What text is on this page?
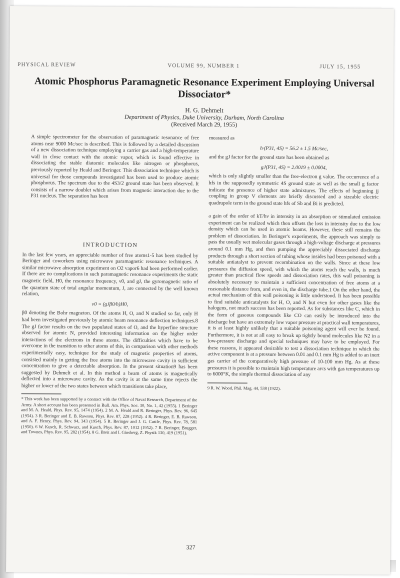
PHYSICAL REVIEW	VOLUME 99, NUMBER 1	JULY 15, 1955
Atomic Phosphorus Paramagnetic Resonance Experiment Employing Universal Dissociator*
H. G. Dehmelt
Department of Physics, Duke University, Durham, North Carolina
(Received March 29, 1955)

A simple spectrometer for the observation of paramagnetic resonance of free atoms near 9000 Mc/sec is described. This is followed by a detailed discussion of a new dissociation technique employing a carrier gas and a high-temperature wall in close contact with the atomic vapor, which is found effective in dissociating the stable diatomic molecules like nitrogen or phosphorus, previously reported by Heald and Beringer. This dissociation technique which is universal for those compounds investigated has been used to produce atomic phosphorus. The spectrum due to the 4S3/2 ground state has been observed. It consists of a narrow doublet which arises from magnetic interaction due to the P31 nucleus. The separation has been

measured as

h·(P31, 4S) = 56.2 ± 1.5 Mc/sec,

and the gJ factor for the ground state has been obtained as

gJ(P31, 4S) = 2.0019 ± 0.0004,

which is only slightly smaller than the free-electron g value. The occurrence of a hfs in the supposedly symmetric 4S ground state as well as the small g factor indicate the presence of higher state admixtures. The effects of beginning jj coupling in group V elements are briefly discussed and a sizeable electric quadrupole term in the ground state hfs of Sb and Bi is predicted.

INTRODUCTION

In the last few years, an appreciable number of free atoms1-5 has been studied by Beringer and coworkers using microwave paramagnetic resonance techniques. A similar microwave absorption experiment on O2 vapor6 had been performed earlier. If there are no complications in such paramagnetic resonance experiments the static magnetic field, H0, the resonance frequency, ν0, and gJ, the gyromagnetic ratio of the quantum state of total angular momentum, J, are connected by the well known relation,

ν0 = (gJβ0/h)H0,

β0 denoting the Bohr magneton. Of the atoms H, O, and N studied so far, only H had been investigated previously by atomic beam resonance deflection techniques.8 The gJ factor results on the two populated states of O, and the hyperfine structure observed for atomic N, provided interesting information on the higher order interactions of the electrons in these atoms. The difficulties which have to be overcome in the transition to other atoms of this, in comparison with other methods experimentally easy, technique for the study of magnetic properties of atoms, consisted mainly in getting the free atoms into the microwave cavity in sufficient concentration to give a detectable absorption. In the present situation9 has been suggested by Dehmelt et al. In this method a beam of atoms is magnetically deflected into a microwave cavity. As the cavity is at the same time rejects the higher or lower of the two states between which transitions take place,

* This work has been supported by a contract with the Office of Naval Research, Department of the Army. A short account has been presented in Bull. Am. Phys. Soc. 30, No. 1, 42 (1955). 1 Beringer and M. A. Heald, Phys. Rev. 95, 1474 (1954). 2 M. A. Heald and R. Beringer, Phys. Rev. 96, 645 (1954). 3 R. Beringer and E. B. Rawson, Phys. Rev. 87, 228 (1952). 4 R. Beringer, E. B. Rawson, and A. F. Henry, Phys. Rev. 94, 343 (1954). 5 R. Beringer and J. G. Castle, Phys. Rev. 78, 581 (1950). 6 W. Kusch, R. Schwarz, and Kusch, Phys. Rev. 87, 1012 (1952). 7 R. Beringer, Brugger, and Townes, Phys. Rev. 95, 282 (1954). 8 G. Breit and I. Ginsberg, Z. Physik 130, 419 (1951).

a gain of the order of kT/hν in intensity in an absorption or stimulated emission experiment can be realized which then offsets the loss in intensity due to the low density which can be used in atomic beams. However, these still remains the problem of dissociation. In Beringer's experiments, the approach was simply to pass the usually wet molecular gases through a high-voltage discharge at pressures around 0.1 mm Hg, and then pumping the appreciably dissociated discharge products through a short section of tubing whose insides had been poisoned with a suitable antiatalyst to prevent recombination on the walls. Since at these low pressures the diffusion speed, with which the atoms reach the walls, is much greater than practical flow speeds and dissociation rates, this wall poisoning is absolutely necessary to maintain a sufficient concentration of free atoms at a reasonable distance from, and even in, the discharge tube.1 On the other hand, the actual mechanism of this wall poisoning is little understood. It has been possible to find suitable anticatalysts for H, O, and N but even for other gases like the halogens, not much success has been reported. As for substances like C, which in the form of gaseous compounds like CO can easily be introduced into the discharge but have an extremely low vapor pressure at practical wall temperatures, it is at least highly unlikely that a suitable poisoning agent will ever be found. Furthermore, it is not at all easy to break up tightly bound molecules like N2 in a low-pressure discharge and special techniques may have to be employed. For these reasons, it appeared desirable to test a dissociation technique in which the active component is at a pressure between 0.01 and 0.1 mm Hg is added to an inert gas carrier of the comparatively high pressure of 10-100 mm Hg. As at these pressures it is possible to maintain high temperature arcs with gas temperatures up to 6000°K, the simple thermal dissociation of any

9 R. W. Wood, Phil. Mag. 44, 538 (1922).

327
